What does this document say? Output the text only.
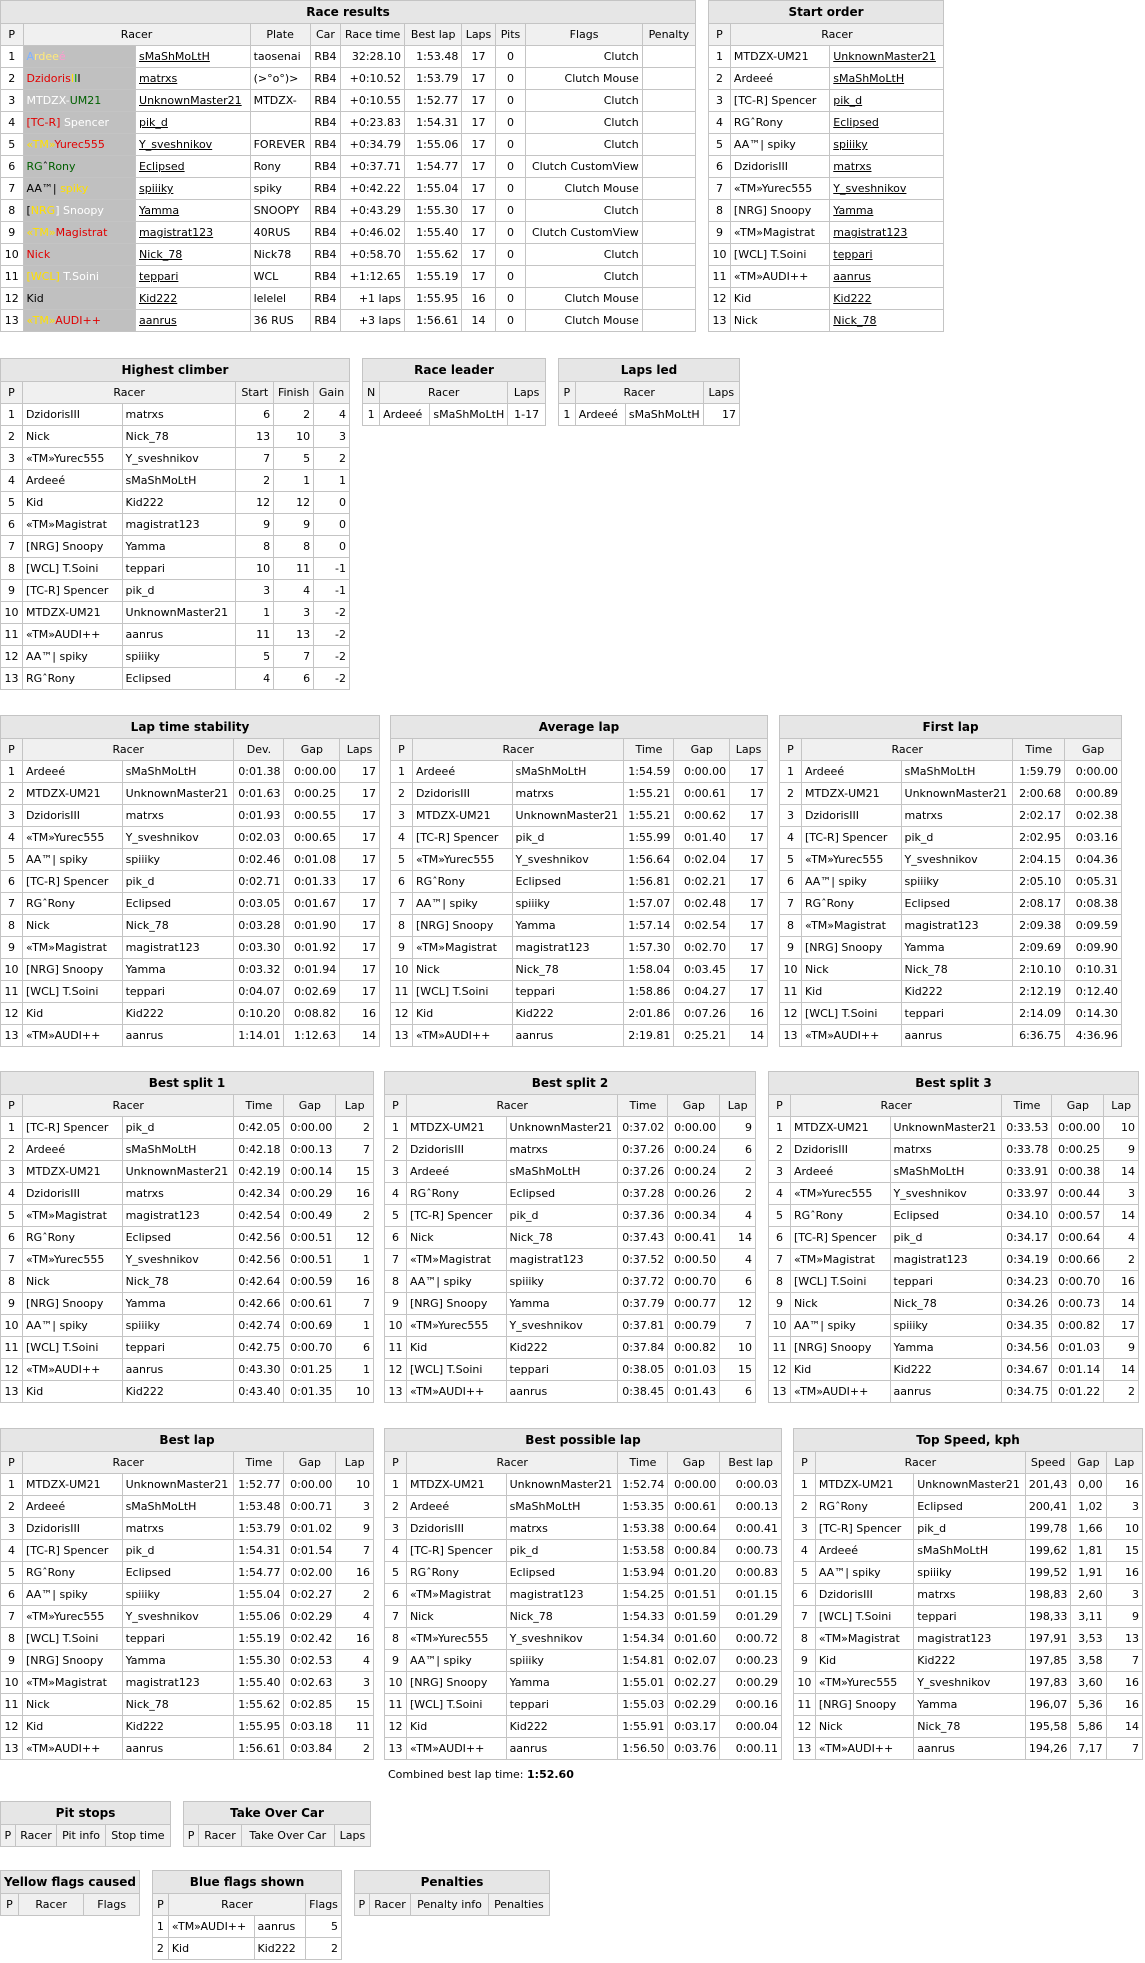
Race results										
P	Racer		Plate	Car	Race time	Best lap	Laps	Pits	Flags	Penalty
1	Ardeeé	sMaShMoLtH	taosenai	RB4	32:28.10	1:53.48	17	0	Clutch	
2	DzidorisIII	matrxs	(>°o°)>	RB4	+0:10.52	1:53.79	17	0	Clutch Mouse	
3	MTDZX-UM21	UnknownMaster21	MTDZX-	RB4	+0:10.55	1:52.77	17	0	Clutch	
4	[TC-R] Spencer	pik_d		RB4	+0:23.83	1:54.31	17	0	Clutch	
5	«TM»Yurec555	Y_sveshnikov	FOREVER	RB4	+0:34.79	1:55.06	17	0	Clutch	
6	RGˆRony	Eclipsed	Rony	RB4	+0:37.71	1:54.77	17	0	Clutch CustomView	
7	AA™| spiky	spiiiky	spiky	RB4	+0:42.22	1:55.04	17	0	Clutch Mouse	
8	[NRG] Snoopy	Yamma	SNOOPY	RB4	+0:43.29	1:55.30	17	0	Clutch	
9	«TM»Magistrat	magistrat123	40RUS	RB4	+0:46.02	1:55.40	17	0	Clutch CustomView	
10	Nick	Nick_78	Nick78	RB4	+0:58.70	1:55.62	17	0	Clutch	
11	[WCL] T.Soini	teppari	WCL	RB4	+1:12.65	1:55.19	17	0	Clutch	
12	Kid	Kid222	lelelel	RB4	+1 laps	1:55.95	16	0	Clutch Mouse	
13	«TM»AUDI++	aanrus	36 RUS	RB4	+3 laps	1:56.61	14	0	Clutch Mouse	
Start order		
P	Racer	
1	MTDZX-UM21	UnknownMaster21
2	Ardeeé	sMaShMoLtH
3	[TC-R] Spencer	pik_d
4	RGˆRony	Eclipsed
5	AA™| spiky	spiiiky
6	DzidorisIII	matrxs
7	«TM»Yurec555	Y_sveshnikov
8	[NRG] Snoopy	Yamma
9	«TM»Magistrat	magistrat123
10	[WCL] T.Soini	teppari
11	«TM»AUDI++	aanrus
12	Kid	Kid222
13	Nick	Nick_78
Highest climber					
P	Racer		Start	Finish	Gain
1	DzidorisIII	matrxs	6	2	4
2	Nick	Nick_78	13	10	3
3	«TM»Yurec555	Y_sveshnikov	7	5	2
4	Ardeeé	sMaShMoLtH	2	1	1
5	Kid	Kid222	12	12	0
6	«TM»Magistrat	magistrat123	9	9	0
7	[NRG] Snoopy	Yamma	8	8	0
8	[WCL] T.Soini	teppari	10	11	-1
9	[TC-R] Spencer	pik_d	3	4	-1
10	MTDZX-UM21	UnknownMaster21	1	3	-2
11	«TM»AUDI++	aanrus	11	13	-2
12	AA™| spiky	spiiiky	5	7	-2
13	RGˆRony	Eclipsed	4	6	-2
Race leader			
N	Racer		Laps
1	Ardeeé	sMaShMoLtH	1-17
Laps led			
P	Racer		Laps
1	Ardeeé	sMaShMoLtH	17
Lap time stability					
P	Racer		Dev.	Gap	Laps
1	Ardeeé	sMaShMoLtH	0:01.38	0:00.00	17
2	MTDZX-UM21	UnknownMaster21	0:01.63	0:00.25	17
3	DzidorisIII	matrxs	0:01.93	0:00.55	17
4	«TM»Yurec555	Y_sveshnikov	0:02.03	0:00.65	17
5	AA™| spiky	spiiiky	0:02.46	0:01.08	17
6	[TC-R] Spencer	pik_d	0:02.71	0:01.33	17
7	RGˆRony	Eclipsed	0:03.05	0:01.67	17
8	Nick	Nick_78	0:03.28	0:01.90	17
9	«TM»Magistrat	magistrat123	0:03.30	0:01.92	17
10	[NRG] Snoopy	Yamma	0:03.32	0:01.94	17
11	[WCL] T.Soini	teppari	0:04.07	0:02.69	17
12	Kid	Kid222	0:10.20	0:08.82	16
13	«TM»AUDI++	aanrus	1:14.01	1:12.63	14
Average lap					
P	Racer		Time	Gap	Laps
1	Ardeeé	sMaShMoLtH	1:54.59	0:00.00	17
2	DzidorisIII	matrxs	1:55.21	0:00.61	17
3	MTDZX-UM21	UnknownMaster21	1:55.21	0:00.62	17
4	[TC-R] Spencer	pik_d	1:55.99	0:01.40	17
5	«TM»Yurec555	Y_sveshnikov	1:56.64	0:02.04	17
6	RGˆRony	Eclipsed	1:56.81	0:02.21	17
7	AA™| spiky	spiiiky	1:57.07	0:02.48	17
8	[NRG] Snoopy	Yamma	1:57.14	0:02.54	17
9	«TM»Magistrat	magistrat123	1:57.30	0:02.70	17
10	Nick	Nick_78	1:58.04	0:03.45	17
11	[WCL] T.Soini	teppari	1:58.86	0:04.27	17
12	Kid	Kid222	2:01.86	0:07.26	16
13	«TM»AUDI++	aanrus	2:19.81	0:25.21	14
First lap				
P	Racer		Time	Gap
1	Ardeeé	sMaShMoLtH	1:59.79	0:00.00
2	MTDZX-UM21	UnknownMaster21	2:00.68	0:00.89
3	DzidorisIII	matrxs	2:02.17	0:02.38
4	[TC-R] Spencer	pik_d	2:02.95	0:03.16
5	«TM»Yurec555	Y_sveshnikov	2:04.15	0:04.36
6	AA™| spiky	spiiiky	2:05.10	0:05.31
7	RGˆRony	Eclipsed	2:08.17	0:08.38
8	«TM»Magistrat	magistrat123	2:09.38	0:09.59
9	[NRG] Snoopy	Yamma	2:09.69	0:09.90
10	Nick	Nick_78	2:10.10	0:10.31
11	Kid	Kid222	2:12.19	0:12.40
12	[WCL] T.Soini	teppari	2:14.09	0:14.30
13	«TM»AUDI++	aanrus	6:36.75	4:36.96
Best split 1					
P	Racer		Time	Gap	Lap
1	[TC-R] Spencer	pik_d	0:42.05	0:00.00	2
2	Ardeeé	sMaShMoLtH	0:42.18	0:00.13	7
3	MTDZX-UM21	UnknownMaster21	0:42.19	0:00.14	15
4	DzidorisIII	matrxs	0:42.34	0:00.29	16
5	«TM»Magistrat	magistrat123	0:42.54	0:00.49	2
6	RGˆRony	Eclipsed	0:42.56	0:00.51	12
7	«TM»Yurec555	Y_sveshnikov	0:42.56	0:00.51	1
8	Nick	Nick_78	0:42.64	0:00.59	16
9	[NRG] Snoopy	Yamma	0:42.66	0:00.61	7
10	AA™| spiky	spiiiky	0:42.74	0:00.69	1
11	[WCL] T.Soini	teppari	0:42.75	0:00.70	6
12	«TM»AUDI++	aanrus	0:43.30	0:01.25	1
13	Kid	Kid222	0:43.40	0:01.35	10
Best split 2					
P	Racer		Time	Gap	Lap
1	MTDZX-UM21	UnknownMaster21	0:37.02	0:00.00	9
2	DzidorisIII	matrxs	0:37.26	0:00.24	6
3	Ardeeé	sMaShMoLtH	0:37.26	0:00.24	2
4	RGˆRony	Eclipsed	0:37.28	0:00.26	2
5	[TC-R] Spencer	pik_d	0:37.36	0:00.34	4
6	Nick	Nick_78	0:37.43	0:00.41	14
7	«TM»Magistrat	magistrat123	0:37.52	0:00.50	4
8	AA™| spiky	spiiiky	0:37.72	0:00.70	6
9	[NRG] Snoopy	Yamma	0:37.79	0:00.77	12
10	«TM»Yurec555	Y_sveshnikov	0:37.81	0:00.79	7
11	Kid	Kid222	0:37.84	0:00.82	10
12	[WCL] T.Soini	teppari	0:38.05	0:01.03	15
13	«TM»AUDI++	aanrus	0:38.45	0:01.43	6
Best split 3					
P	Racer		Time	Gap	Lap
1	MTDZX-UM21	UnknownMaster21	0:33.53	0:00.00	10
2	DzidorisIII	matrxs	0:33.78	0:00.25	9
3	Ardeeé	sMaShMoLtH	0:33.91	0:00.38	14
4	«TM»Yurec555	Y_sveshnikov	0:33.97	0:00.44	3
5	RGˆRony	Eclipsed	0:34.10	0:00.57	14
6	[TC-R] Spencer	pik_d	0:34.17	0:00.64	4
7	«TM»Magistrat	magistrat123	0:34.19	0:00.66	2
8	[WCL] T.Soini	teppari	0:34.23	0:00.70	16
9	Nick	Nick_78	0:34.26	0:00.73	14
10	AA™| spiky	spiiiky	0:34.35	0:00.82	17
11	[NRG] Snoopy	Yamma	0:34.56	0:01.03	9
12	Kid	Kid222	0:34.67	0:01.14	14
13	«TM»AUDI++	aanrus	0:34.75	0:01.22	2
Best lap					
P	Racer		Time	Gap	Lap
1	MTDZX-UM21	UnknownMaster21	1:52.77	0:00.00	10
2	Ardeeé	sMaShMoLtH	1:53.48	0:00.71	3
3	DzidorisIII	matrxs	1:53.79	0:01.02	9
4	[TC-R] Spencer	pik_d	1:54.31	0:01.54	7
5	RGˆRony	Eclipsed	1:54.77	0:02.00	16
6	AA™| spiky	spiiiky	1:55.04	0:02.27	2
7	«TM»Yurec555	Y_sveshnikov	1:55.06	0:02.29	4
8	[WCL] T.Soini	teppari	1:55.19	0:02.42	16
9	[NRG] Snoopy	Yamma	1:55.30	0:02.53	4
10	«TM»Magistrat	magistrat123	1:55.40	0:02.63	3
11	Nick	Nick_78	1:55.62	0:02.85	15
12	Kid	Kid222	1:55.95	0:03.18	11
13	«TM»AUDI++	aanrus	1:56.61	0:03.84	2
Best possible lap					
P	Racer		Time	Gap	Best lap
1	MTDZX-UM21	UnknownMaster21	1:52.74	0:00.00	0:00.03
2	Ardeeé	sMaShMoLtH	1:53.35	0:00.61	0:00.13
3	DzidorisIII	matrxs	1:53.38	0:00.64	0:00.41
4	[TC-R] Spencer	pik_d	1:53.58	0:00.84	0:00.73
5	RGˆRony	Eclipsed	1:53.94	0:01.20	0:00.83
6	«TM»Magistrat	magistrat123	1:54.25	0:01.51	0:01.15
7	Nick	Nick_78	1:54.33	0:01.59	0:01.29
8	«TM»Yurec555	Y_sveshnikov	1:54.34	0:01.60	0:00.72
9	AA™| spiky	spiiiky	1:54.81	0:02.07	0:00.23
10	[NRG] Snoopy	Yamma	1:55.01	0:02.27	0:00.29
11	[WCL] T.Soini	teppari	1:55.03	0:02.29	0:00.16
12	Kid	Kid222	1:55.91	0:03.17	0:00.04
13	«TM»AUDI++	aanrus	1:56.50	0:03.76	0:00.11
Top Speed, kph					
P	Racer		Speed	Gap	Lap
1	MTDZX-UM21	UnknownMaster21	201,43	0,00	16
2	RGˆRony	Eclipsed	200,41	1,02	3
3	[TC-R] Spencer	pik_d	199,78	1,66	10
4	Ardeeé	sMaShMoLtH	199,62	1,81	15
5	AA™| spiky	spiiiky	199,52	1,91	16
6	DzidorisIII	matrxs	198,83	2,60	3
7	[WCL] T.Soini	teppari	198,33	3,11	9
8	«TM»Magistrat	magistrat123	197,91	3,53	13
9	Kid	Kid222	197,85	3,58	7
10	«TM»Yurec555	Y_sveshnikov	197,83	3,60	16
11	[NRG] Snoopy	Yamma	196,07	5,36	16
12	Nick	Nick_78	195,58	5,86	14
13	«TM»AUDI++	aanrus	194,26	7,17	7
Combined best lap time: 1:52.60
Pit stops
P	Racer	Pit info	Stop time
Take Over Car
P	Racer	Take Over Car	Laps
Yellow flags caused
P	Racer	Flags
Blue flags shown			
P	Racer		Flags
1	«TM»AUDI++	aanrus	5
2	Kid	Kid222	2
Penalties
P	Racer	Penalty info	Penalties
